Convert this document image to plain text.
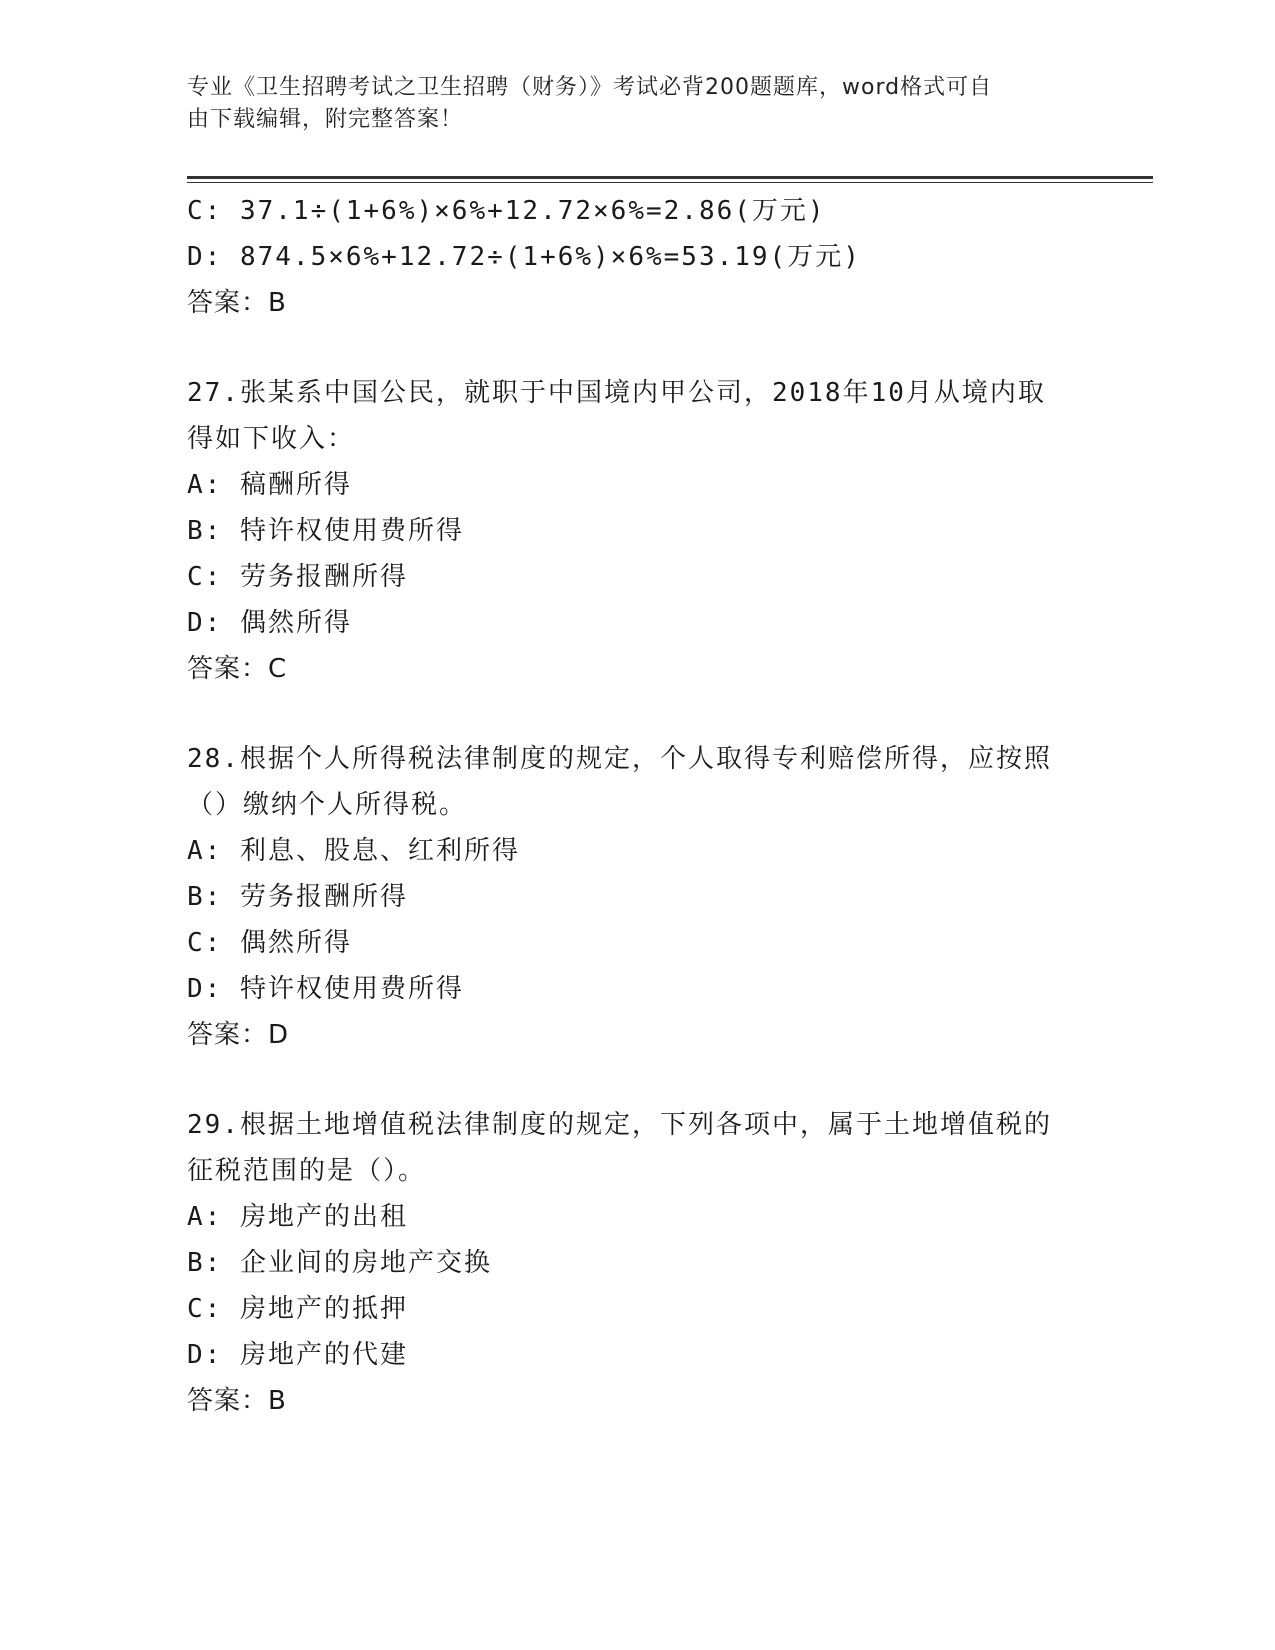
专业《卫生招聘考试之卫生招聘（财务）》考试必背200题题库，word格式可自
由下载编辑，附完整答案！
C: 37.1÷(1+6%)×6%+12.72×6%=2.86(万元)
D: 874.5×6%+12.72÷(1+6%)×6%=53.19(万元)
答案：B
27.张某系中国公民，就职于中国境内甲公司，2018年10月从境内取
得如下收入：
A: 稿酬所得
B: 特许权使用费所得
C: 劳务报酬所得
D: 偶然所得
答案：C
28.根据个人所得税法律制度的规定，个人取得专利赔偿所得，应按照
（）缴纳个人所得税。
A: 利息、股息、红利所得
B: 劳务报酬所得
C: 偶然所得
D: 特许权使用费所得
答案：D
29.根据土地增值税法律制度的规定，下列各项中，属于土地增值税的
征税范围的是（）。
A: 房地产的出租
B: 企业间的房地产交换
C: 房地产的抵押
D: 房地产的代建
答案：B
